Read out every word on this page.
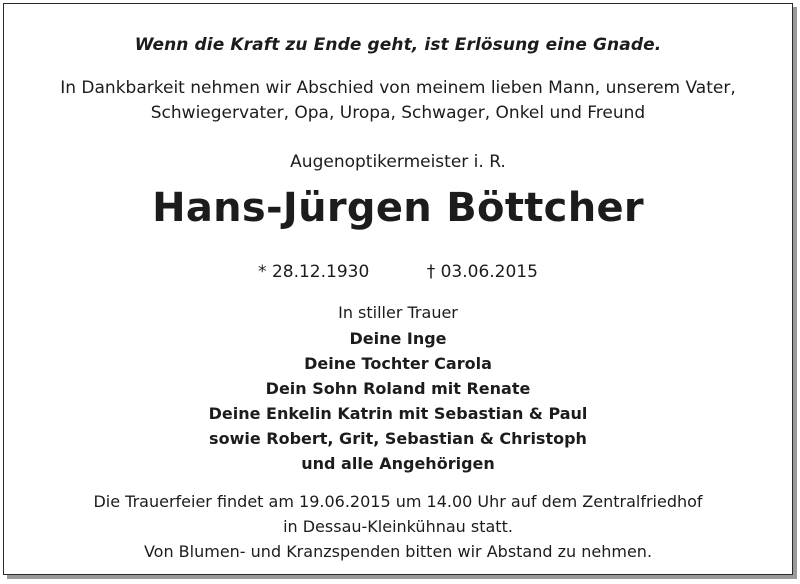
Wenn die Kraft zu Ende geht, ist Erlösung eine Gnade.
In Dankbarkeit nehmen wir Abschied von meinem lieben Mann, unserem Vater,
Schwiegervater, Opa, Uropa, Schwager, Onkel und Freund
Augenoptikermeister i. R.
Hans-Jürgen Böttcher
* 28.12.1930	† 03.06.2015
In stiller Trauer
Deine Inge
Deine Tochter Carola
Dein Sohn Roland mit Renate
Deine Enkelin Katrin mit Sebastian & Paul
sowie Robert, Grit, Sebastian & Christoph
und alle Angehörigen
Die Trauerfeier findet am 19.06.2015 um 14.00 Uhr auf dem Zentralfriedhof
in Dessau-Kleinkühnau statt.
Von Blumen- und Kranzspenden bitten wir Abstand zu nehmen.
